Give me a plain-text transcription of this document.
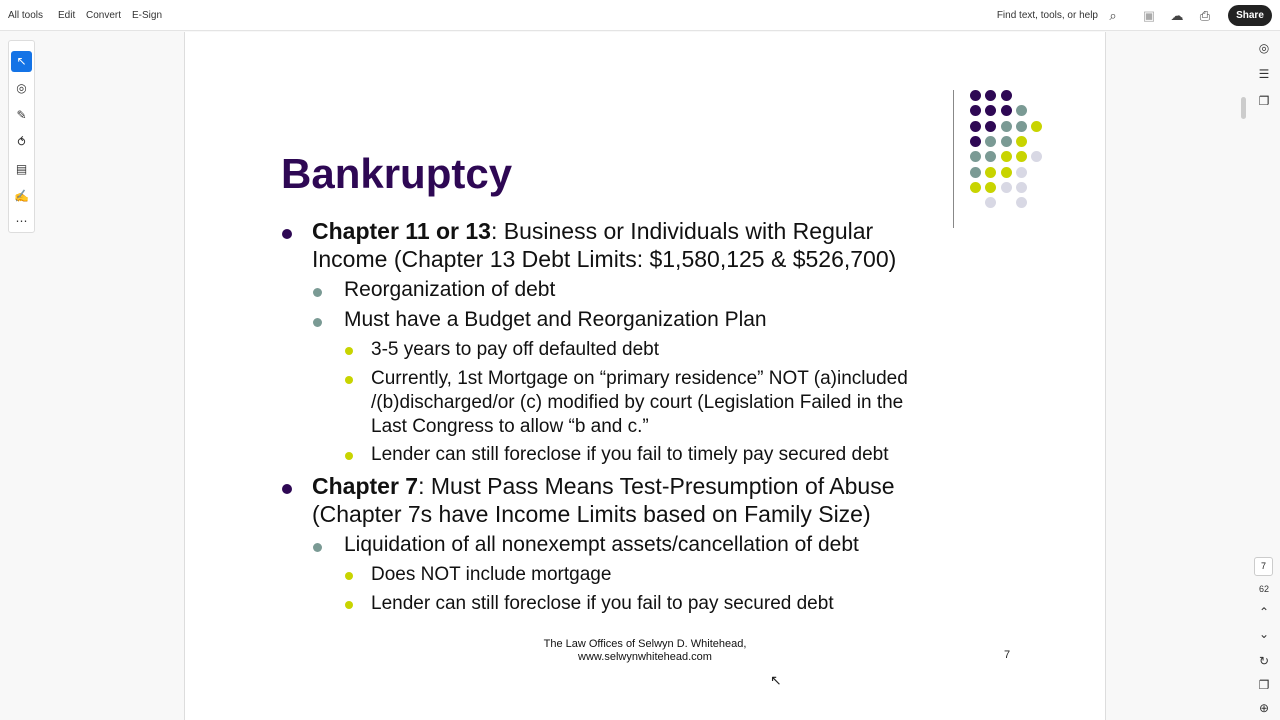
All tools Edit Convert E-Sign	Find text, tools, or help ⌕	▣ ☁ ⎙	Share
↖
◎
✎
⥀
▤
✍
⋯
Bankruptcy
Chapter 11 or 13: Business or Individuals with Regular
Income (Chapter 13 Debt Limits: $1,580,125 & $526,700)
Reorganization of debt
Must have a Budget and Reorganization Plan
3-5 years to pay off defaulted debt
Currently, 1st Mortgage on “primary residence” NOT (a)included
/(b)discharged/or (c) modified by court (Legislation Failed in the
Last Congress to allow “b and c.”
Lender can still foreclose if you fail to timely pay secured debt
Chapter 7: Must Pass Means Test-Presumption of Abuse
(Chapter 7s have Income Limits based on Family Size)
Liquidation of all nonexempt assets/cancellation of debt
Does NOT include mortgage
Lender can still foreclose if you fail to pay secured debt
The Law Offices of Selwyn D. Whitehead,
www.selwynwhitehead.com	7
◎
☰
❐
7
62
⌃
⌄
↻
❐
⊕
↖
